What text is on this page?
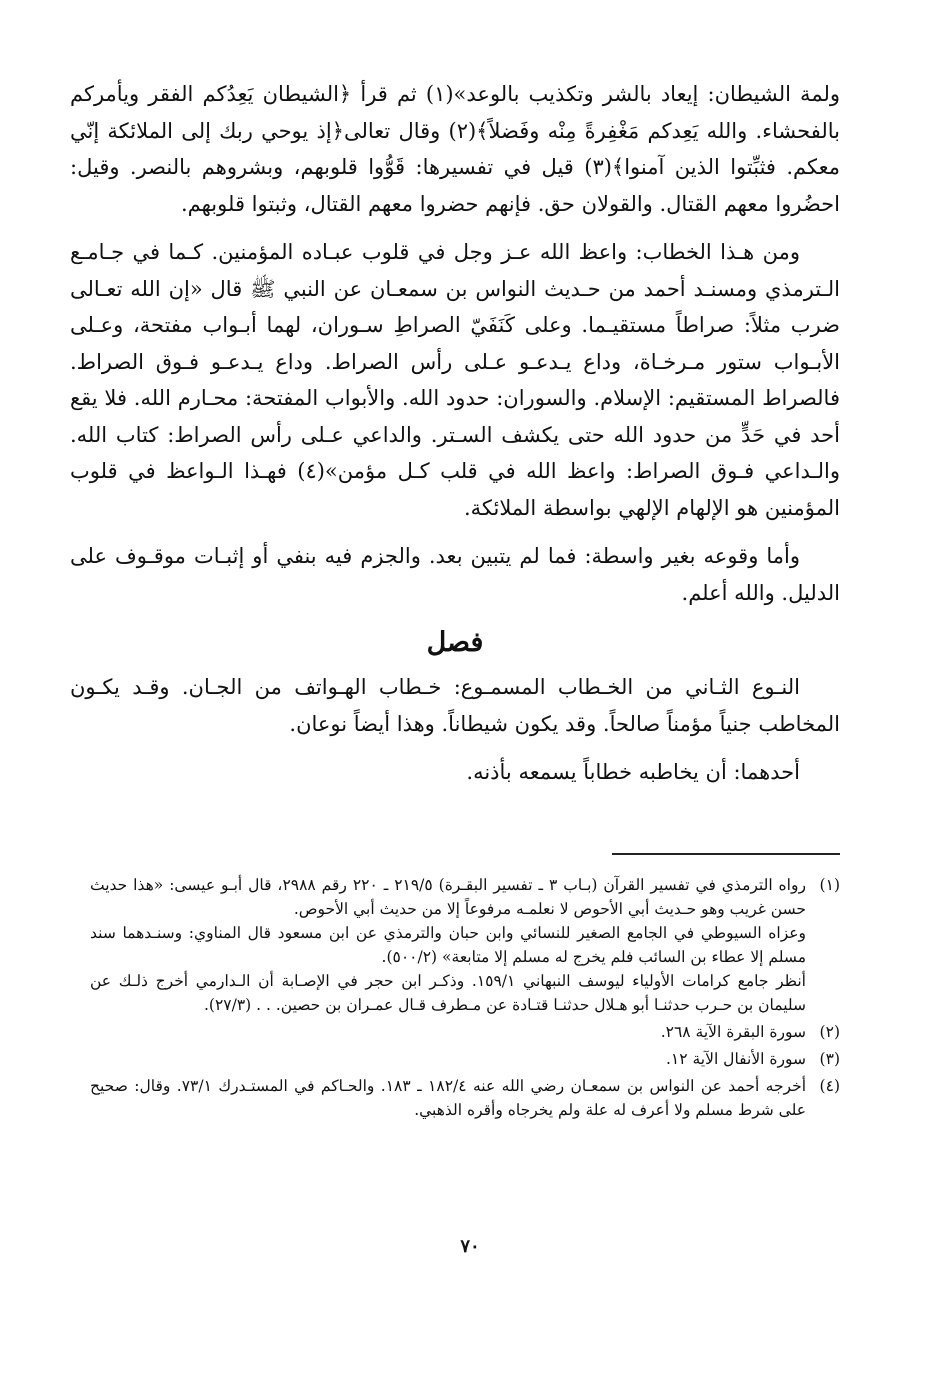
ولمة الشيطان: إيعاد بالشر وتكذيب بالوعد»(١) ثم قرأ ﴿الشيطان يَعِدُكم الفقر ويأمركم بالفحشاء. والله يَعِدكم مَغْفِرةً مِنْه وفَضلاً﴾(٢) وقال تعالى﴿إذ يوحي ربك إلى الملائكة إنّي معكم. فثبِّتوا الذين آمنوا﴾(٣) قيل في تفسيرها: قَوُّوا قلوبهم، وبشروهم بالنصر. وقيل: احضُروا معهم القتال. والقولان حق. فإنهم حضروا معهم القتال، وثبتوا قلوبهم.

ومن هـذا الخطاب: واعظ الله عـز وجل في قلوب عبـاده المؤمنين. كـما في جـامـع الـترمذي ومسنـد أحمد من حـديث النواس بن سمعـان عن النبي ﷺ قال «إن الله تعـالى ضرب مثلاً: صراطاً مستقيـما. وعلى كَنَفَيّ الصراطِ سـوران، لهما أبـواب مفتحة، وعـلى الأبـواب ستور مـرخـاة، وداع يـدعـو عـلى رأس الصراط. وداع يـدعـو فـوق الصراط. فالصراط المستقيم: الإسلام. والسوران: حدود الله. والأبواب المفتحة: محـارم الله. فلا يقع أحد في حَدٍّ من حدود الله حتى يكشف السـتر. والداعي عـلى رأس الصراط: كتاب الله. والـداعي فـوق الصراط: واعظ الله في قلب كـل مؤمن»(٤) فهـذا الـواعظ في قلوب المؤمنين هو الإلهام الإلهي بواسطة الملائكة.

وأما وقوعه بغير واسطة: فما لم يتبين بعد. والجزم فيه بنفي أو إثبـات موقـوف على الدليل. والله أعلم.

فصل

النـوع الثـاني من الخـطاب المسمـوع: خـطاب الهـواتف من الجـان. وقـد يكـون المخاطب جنياً مؤمناً صالحاً. وقد يكون شيطاناً. وهذا أيضاً نوعان.

أحدهما: أن يخاطبه خطاباً يسمعه بأذنه.

(١)

رواه الترمذي في تفسير القرآن (بـاب ٣ ـ تفسير البقـرة) ٢١٩/٥ ـ ٢٢٠ رقم ٢٩٨٨، قال أبـو عيسى: «هذا حديث حسن غريب وهو حـديث أبي الأحوص لا نعلمـه مرفوعاً إلا من حديث أبي الأحوص.

وعزاه السيوطي في الجامع الصغير للنسائي وابن حبان والترمذي عن ابن مسعود قال المناوي: وسنـدهما سند مسلم إلا عطاء بن السائب فلم يخرج له مسلم إلا متابعة» (٥٠٠/٢).

أنظر جامع كرامات الأولياء ليوسف النبهاني ١٥٩/١. وذكـر ابن حجر في الإصـابة أن الـدارمي أخرج ذلـك عن سليمان بن حـرب حدثنـا أبو هـلال حدثنـا قتـادة عن مـطرف قـال عمـران بن حصين. . . (٢٧/٣).

(٢)

سورة البقرة الآية ٢٦٨.

(٣)

سورة الأنفال الآية ١٢.

(٤)

أخرجه أحمد عن النواس بن سمعـان رضي الله عنه ١٨٢/٤ ـ ١٨٣. والحـاكم في المستـدرك ٧٣/١. وقال: صحيح على شرط مسلم ولا أعرف له علة ولم يخرجاه وأقره الذهبي.

٧٠
